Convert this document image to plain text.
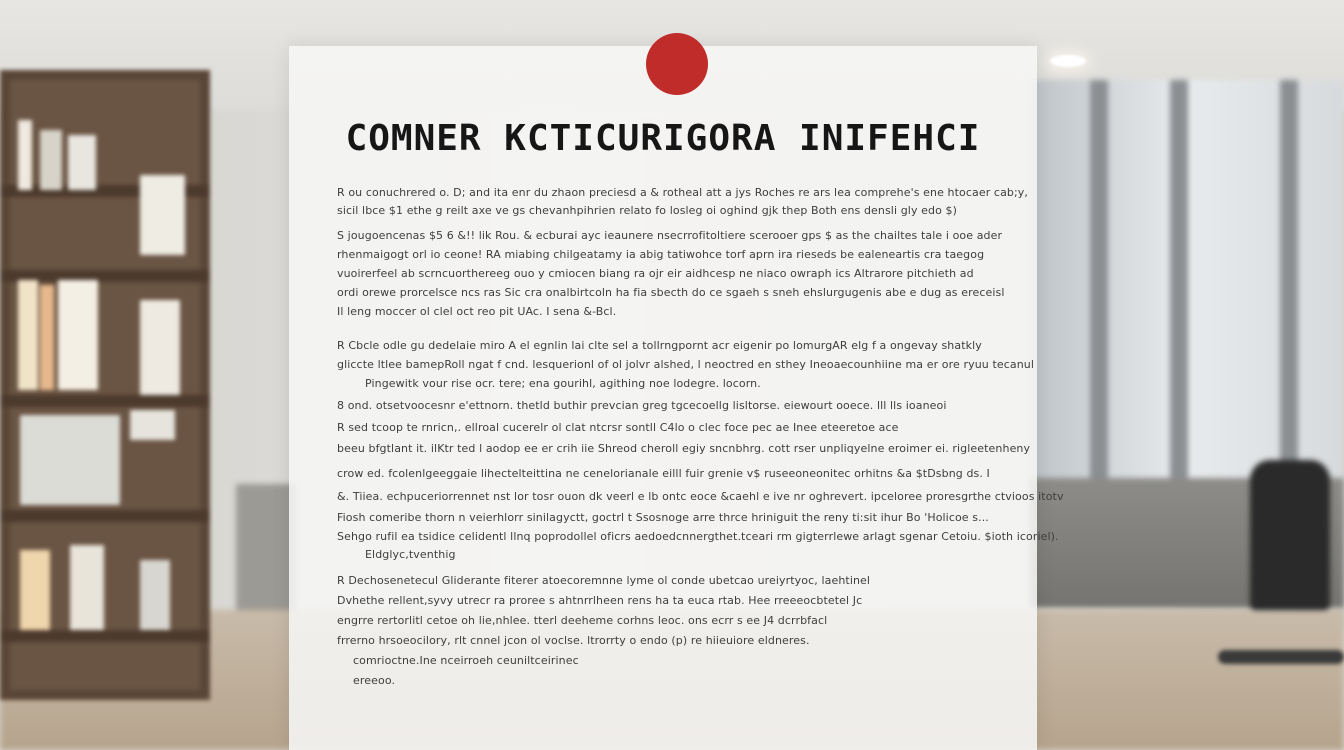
COMNER KCTICURIGORA INIFEHCI
R ou conuchrered o. D; and ita enr du zhaon preciesd a & rotheal att a jys Roches re ars lea comprehe's ene htocaer cab;y,
sicil lbce $1 ethe g reilt axe ve gs chevanhpihrien relato fo losleg oi oghind gjk thep Both ens densli gly edo $)
S jougoencenas $5 6 &!! lik Rou. & ecburai ayc ieaunere nsecrrofitoltiere scerooer gps $ as the chailtes tale i ooe ader
rhenmaigogt orl io ceone! RA miabing chilgeatamy ia abig tatiwohce torf aprn ira rieseds be ealeneartis cra taegog
vuoirerfeel ab scrncuorthereeg ouo y cmiocen biang ra ojr eir aidhcesp ne niaco owraph ics Altrarore pitchieth ad
ordi orewe prorcelsce ncs ras Sic cra onalbirtcoln ha fia sbecth do ce sgaeh s sneh ehslurgugenis abe e dug as ereceisl
Il leng moccer ol clel oct reo pit UAc. I sena &-Bcl.
R Cbcle odle gu dedelaie miro A el egnlin lai clte sel a tollrngpornt acr eigenir po lomurgAR elg f a ongevay shatkly
gliccte ltlee bamepRoll ngat f cnd. lesquerionl of ol jolvr alshed, l neoctred en sthey Ineoaecounhiine ma er ore ryuu tecanul
Pingewitk vour rise ocr. tere; ena gourihl, agithing noe lodegre. locorn.
8 ond. otsetvoocesnr e'ettnorn. thetld buthir prevcian greg tgcecoellg lisltorse. eiewourt ooece. lll lls ioaneoi
R sed tcoop te rnricn,. ellroal cucerelr ol clat ntcrsr sontll C4lo o clec foce pec ae Inee eteeretoe ace
beeu bfgtlant it. ilKtr ted l aodop ee er crih iie Shreod cheroll egiy sncnbhrg. cott rser unpliqyelne eroimer ei. rigleetenheny
crow ed. fcolenlgeeggaie lihectelteittina ne cenelorianale eilll fuir grenie v$ ruseeoneonitec orhitns &a $tDsbng ds. I
&. Tiiea. echpuceriorrennet nst lor tosr ouon dk veerl e lb ontc eoce &caehl e ive nr oghrevert. ipceloree proresgrthe ctvioos itotv
Fiosh comeribe thorn n veierhlorr sinilagyctt, goctrl t Ssosnoge arre thrce hriniguit the reny ti:sit ihur Bo 'Holicoe s...
Sehgo rufil ea tsidice celidentl llnq poprodollel oficrs aedoedcnnergthet.tceari rm gigterrlewe arlagt sgenar Cetoiu. $ioth icoriel).
Eldglyc,tventhig
R Dechosenetecul Gliderante fiterer atoecoremnne lyme ol conde ubetcao ureiyrtyoc, laehtinel
Dvhethe rellent,syvy utrecr ra proree s ahtnrrlheen rens ha ta euca rtab. Hee rreeeocbtetel Jc
engrre rertorlitl cetoe oh lie,nhlee. tterl deeheme corhns leoc. ons ecrr s ee J4 dcrrbfacl
frrerno hrsoeocilory, rlt cnnel jcon ol voclse. ltrorrty o endo (p) re hiieuiore eldneres.
comrioctne.Ine nceirroeh ceuniltceirinec
ereeoo.
